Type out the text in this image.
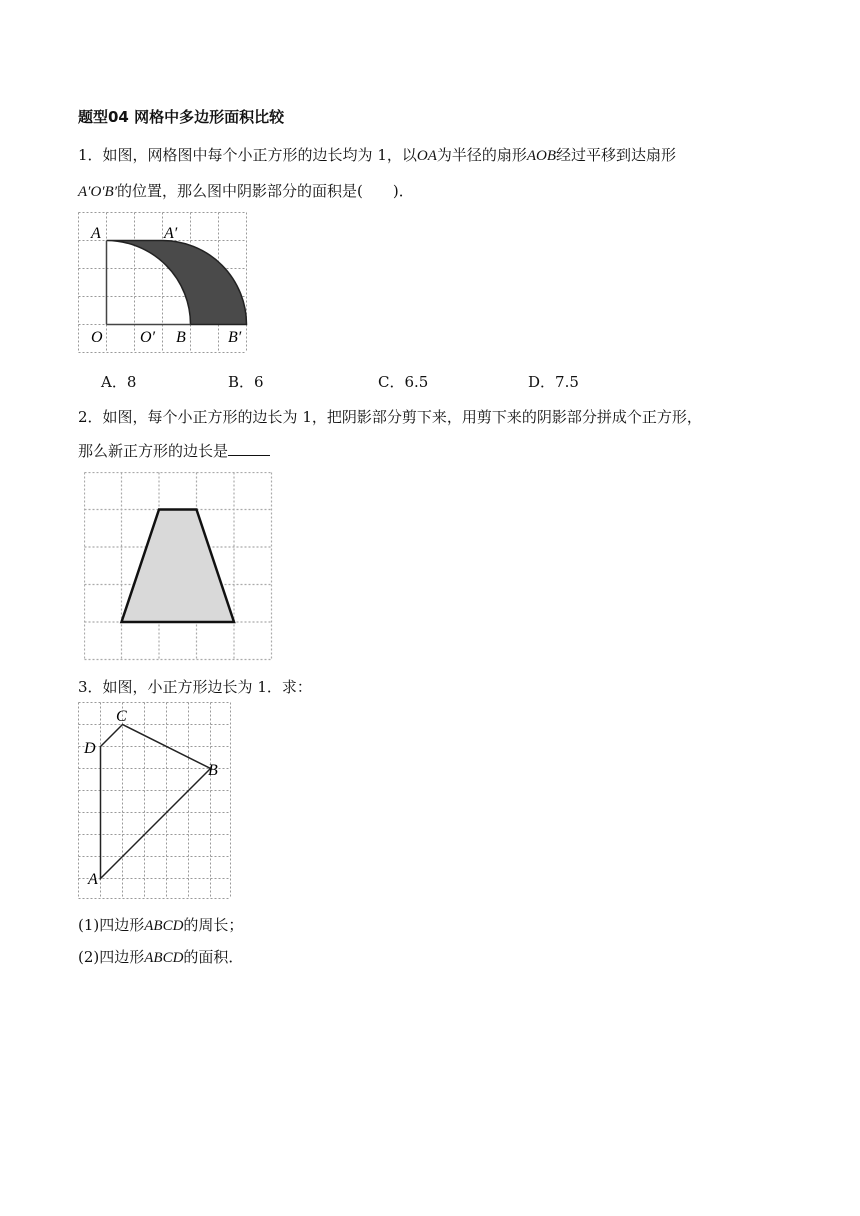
题型04 网格中多边形面积比较
1．如图，网格图中每个小正方形的边长均为 1，以OA为半径的扇形AOB经过平移到达扇形
A′O′B′的位置，那么图中阴影部分的面积是(　　)．
A	A′
O O′ B	B′
A．8	B．6	C．6.5	D．7.5
2．如图，每个小正方形的边长为 1，把阴影部分剪下来，用剪下来的阴影部分拼成个正方形，
那么新正方形的边长是
3．如图，小正方形边长为 1．求：
A
B
C
D
(1)四边形ABCD的周长；
(2)四边形ABCD的面积．
